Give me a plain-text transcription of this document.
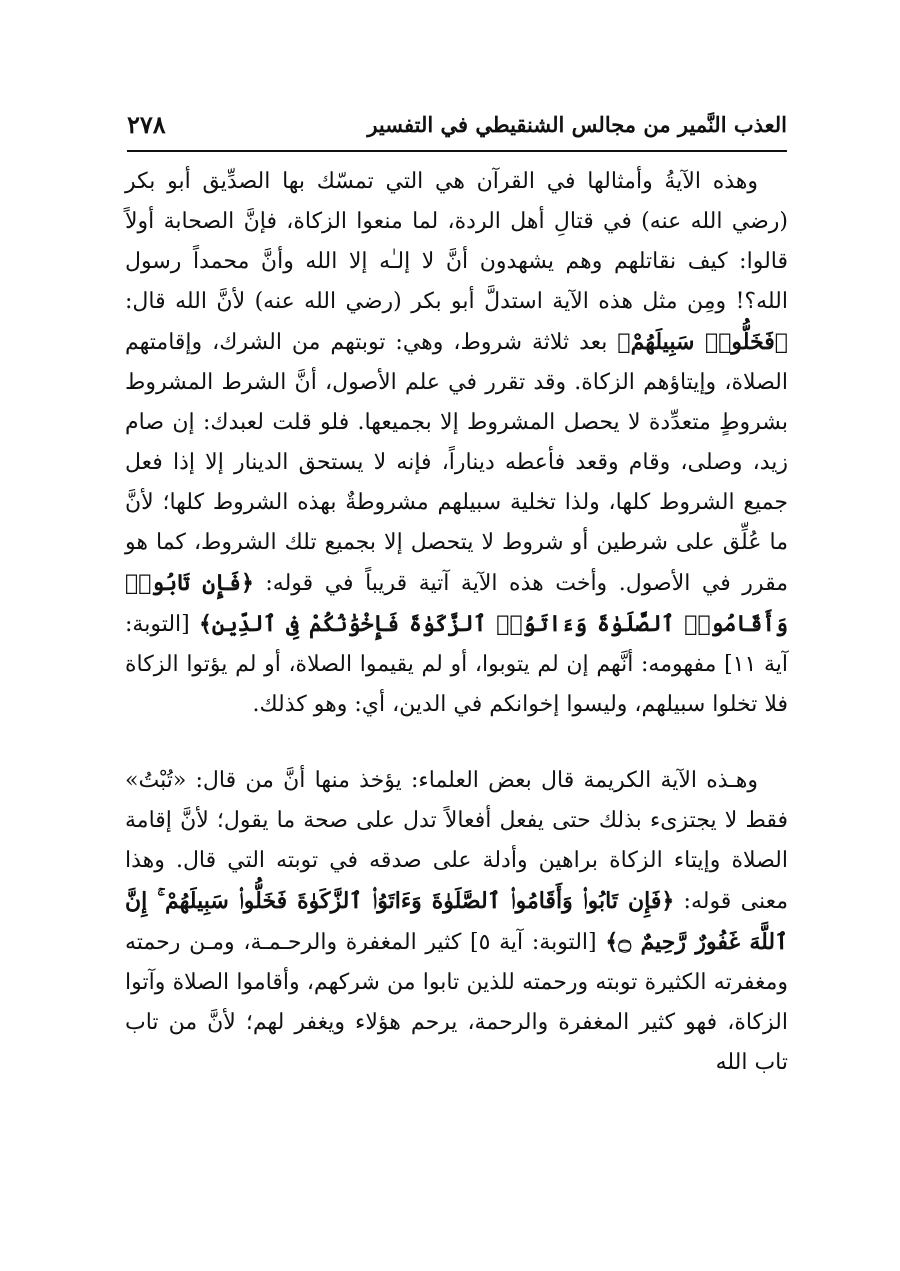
٢٧٨	العذب النَّمير من مجالس الشنقيطي في التفسير

وهذه الآيةُ وأمثالها في القرآن هي التي تمسّك بها الصدِّيق أبو بكر (رضي الله عنه) في قتالِ أهل الردة، لما منعوا الزكاة، فإنَّ الصحابة أولاً قالوا: كيف نقاتلهم وهم يشهدون أنَّ لا إلـٰه إلا الله وأنَّ محمداً رسول الله؟! ومِن مثل هذه الآية استدلَّ أبو بكر (رضي الله عنه) لأنَّ الله قال: ﴿فَخَلُّوا۟ سَبِيلَهُمْ﴾ بعد ثلاثة شروط، وهي: توبتهم من الشرك، وإقامتهم الصلاة، وإيتاؤهم الزكاة. وقد تقرر في علم الأصول، أنَّ الشرط المشروط بشروطٍ متعدِّدة لا يحصل المشروط إلا بجميعها. فلو قلت لعبدك: إن صام زيد، وصلى، وقام وقعد فأعطه ديناراً، فإنه لا يستحق الدينار إلا إذا فعل جميع الشروط كلها، ولذا تخلية سبيلهم مشروطةٌ بهذه الشروط كلها؛ لأنَّ ما عُلِّق على شرطين أو شروط لا يتحصل إلا بجميع تلك الشروط، كما هو مقرر في الأصول. وأخت هذه الآية آتية قريباً في قوله: ﴿فَإِن تَابُوا۟ وَأَقَامُوا۟ ٱلصَّلَوٰةَ وَءَاتَوُا۟ ٱلزَّكَوٰةَ فَإِخْوَٰنُكُمْ فِى ٱلدِّينِ﴾ [التوبة: آية ١١] مفهومه: أنَّهم إن لم يتوبوا، أو لم يقيموا الصلاة، أو لم يؤتوا الزكاة فلا تخلوا سبيلهم، وليسوا إخوانكم في الدين، أي: وهو كذلك.

وهـذه الآية الكريمة قال بعض العلماء: يؤخذ منها أنَّ من قال: «تُبْتُ» فقط لا يجتزىء بذلك حتى يفعل أفعالاً تدل على صحة ما يقول؛ لأنَّ إقامة الصلاة وإيتاء الزكاة براهين وأدلة على صدقه في توبته التي قال. وهذا معنى قوله: ﴿فَإِن تَابُوا۟ وَأَقَامُوا۟ ٱلصَّلَوٰةَ وَءَاتَوُا۟ ٱلزَّكَوٰةَ فَخَلُّوا۟ سَبِيلَهُمْ ۚ إِنَّ ٱللَّهَ غَفُورٌ رَّحِيمٌ ۝﴾ [التوبة: آية ٥] كثير المغفرة والرحـمـة، ومـن رحمته ومغفرته الكثيرة توبته ورحمته للذين تابوا من شركهم، وأقاموا الصلاة وآتوا الزكاة، فهو كثير المغفرة والرحمة، يرحم هؤلاء ويغفر لهم؛ لأنَّ من تاب تاب الله
